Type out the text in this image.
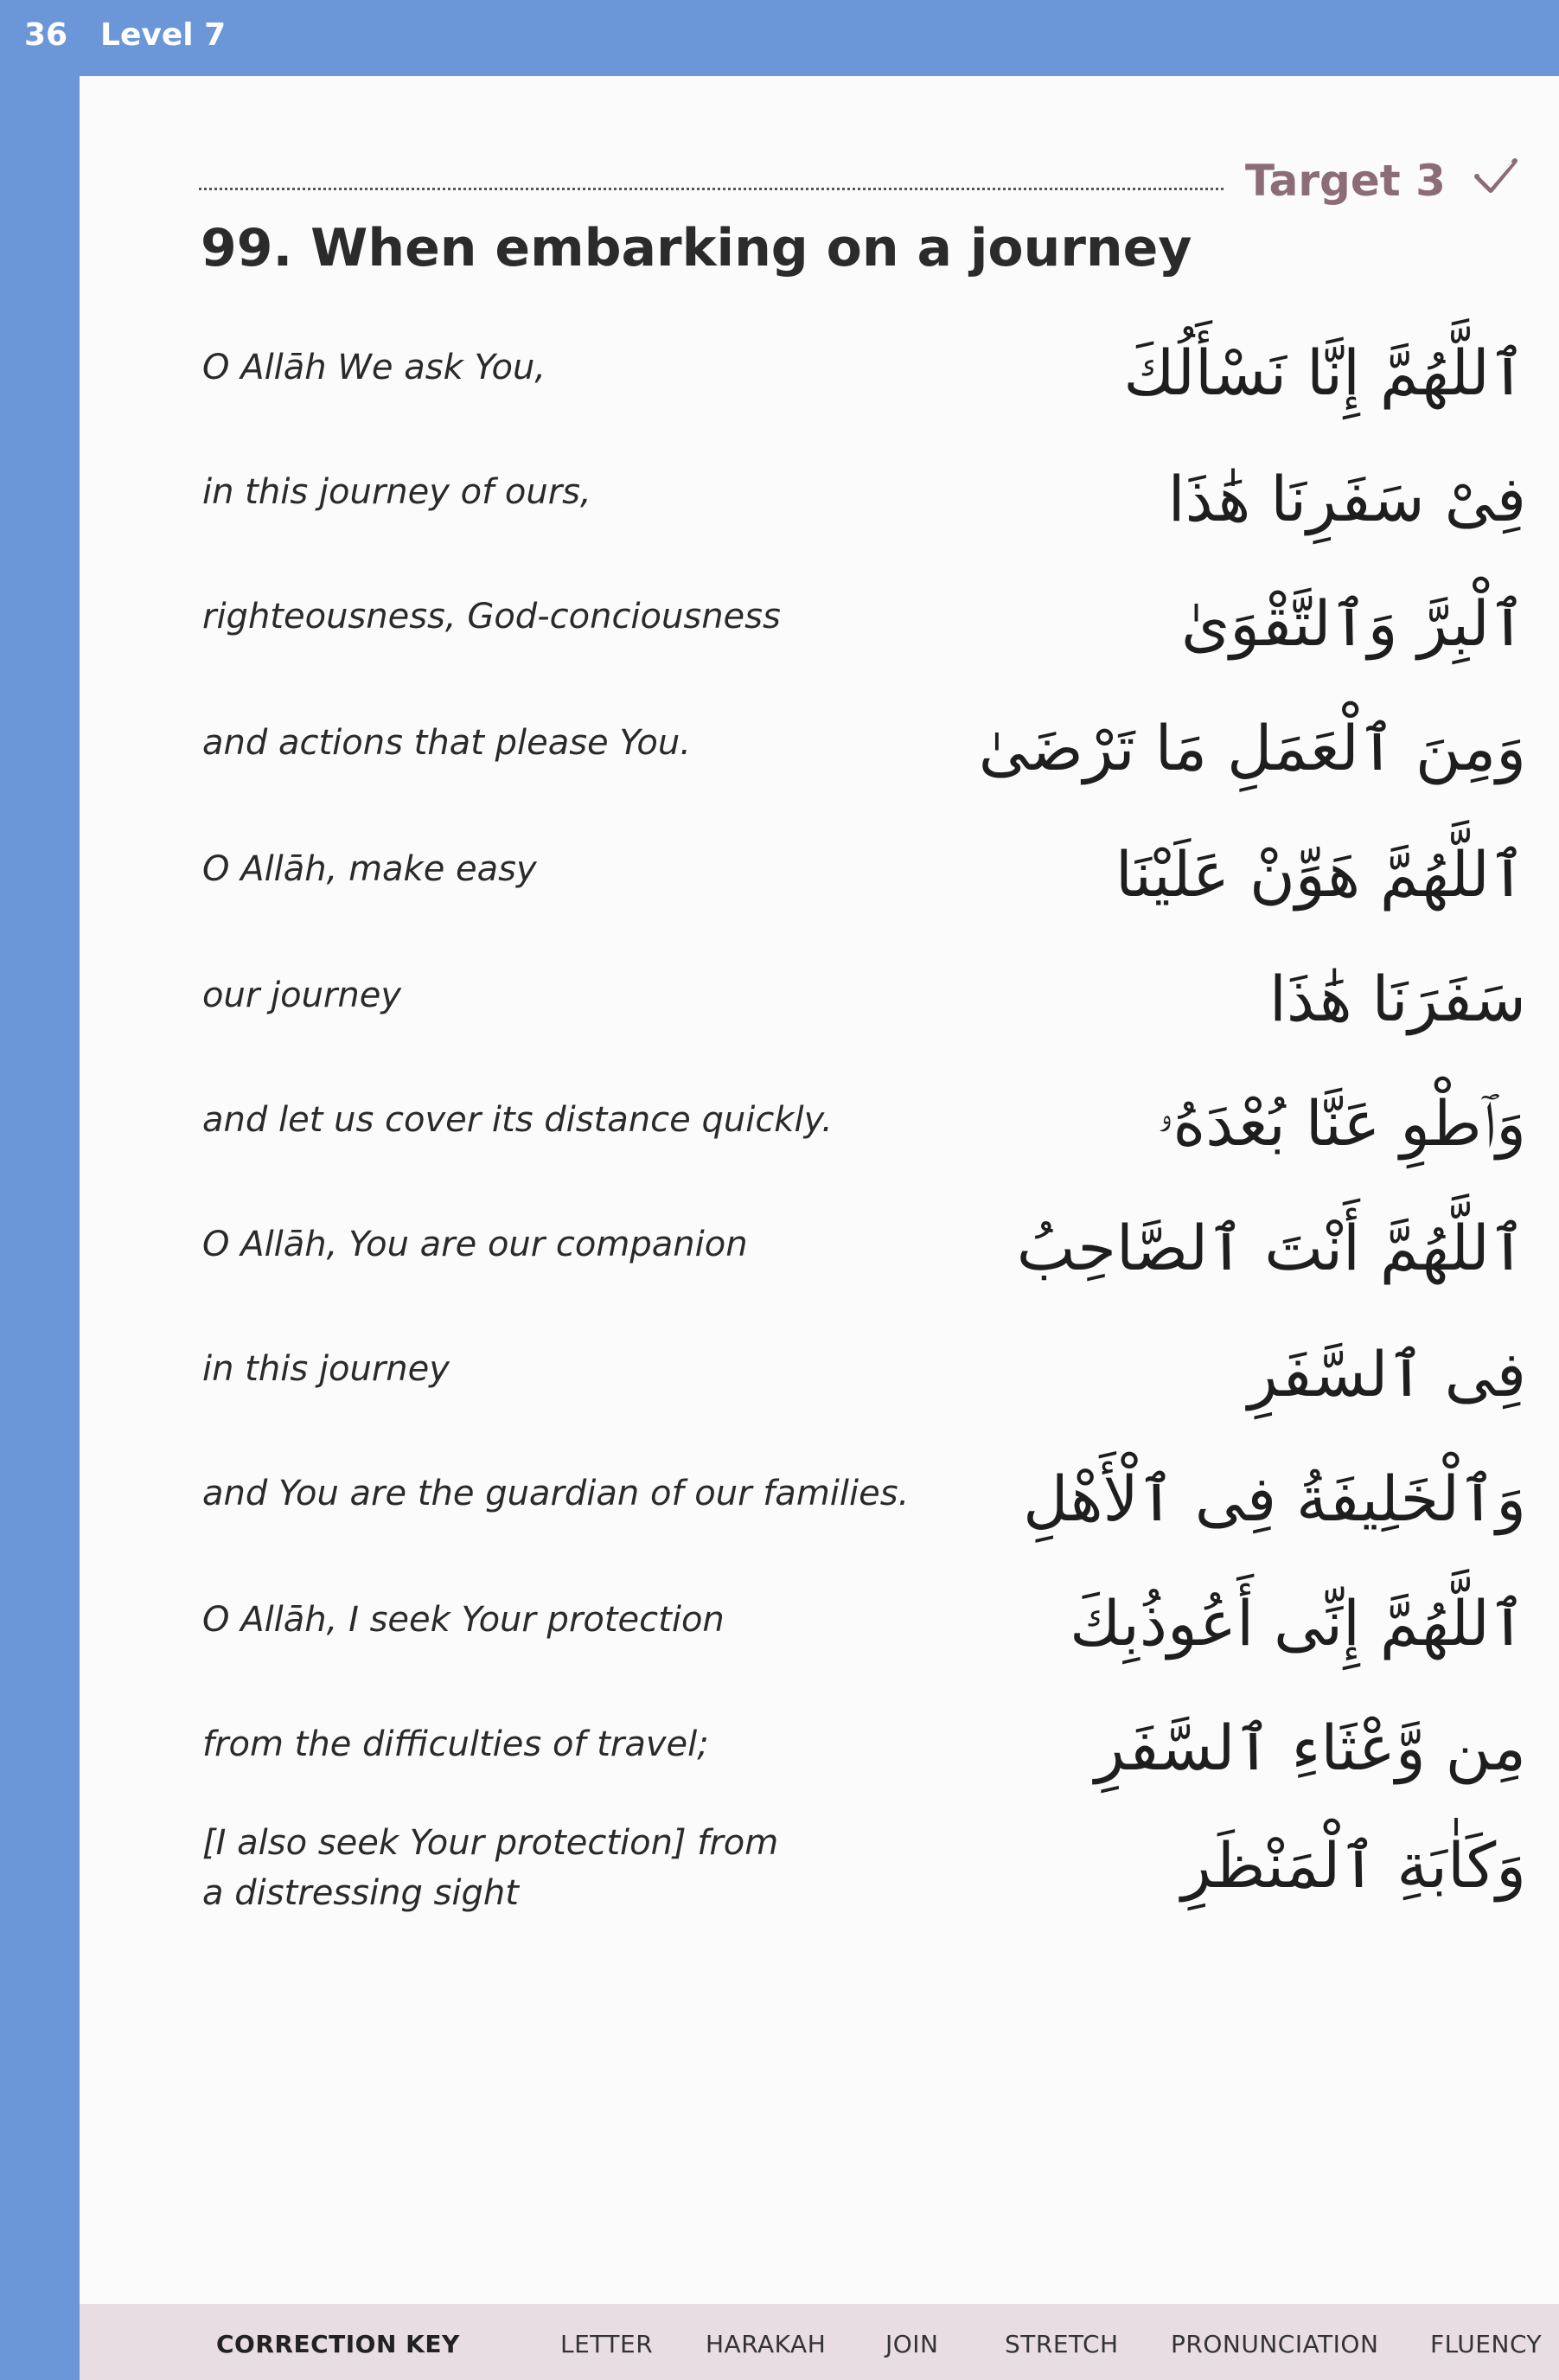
36 Level 7
Target 3
99. When embarking on a journey
O Allāh We ask You,	ٱللَّهُمَّ إِنَّا نَسْأَلُكَ
in this journey of ours,	فِىْ سَفَرِنَا هَٰذَا
righteousness, God-conciousness	ٱلْبِرَّ وَٱلتَّقْوَىٰ
and actions that please You.	وَمِنَ ٱلْعَمَلِ مَا تَرْضَىٰ
O Allāh, make easy	ٱللَّهُمَّ هَوِّنْ عَلَيْنَا
our journey	سَفَرَنَا هَٰذَا
and let us cover its distance quickly.	وَٱطْوِ عَنَّا بُعْدَهُۥ
O Allāh, You are our companion	ٱللَّهُمَّ أَنْتَ ٱلصَّاحِبُ
in this journey	فِى ٱلسَّفَرِ
and You are the guardian of our families. وَٱلْخَلِيفَةُ فِى ٱلْأَهْلِ
O Allāh, I seek Your protection	ٱللَّهُمَّ إِنِّى أَعُوذُبِكَ
from the difficulties of travel;	مِن وَّعْثَاءِ ٱلسَّفَرِ
[I also seek Your protection] from a distressing sight	وَكَاٰبَةِ ٱلْمَنْظَرِ
CORRECTION KEY	LETTER HARAKAH JOIN	STRETCH PRONUNCIATION FLUENCY
